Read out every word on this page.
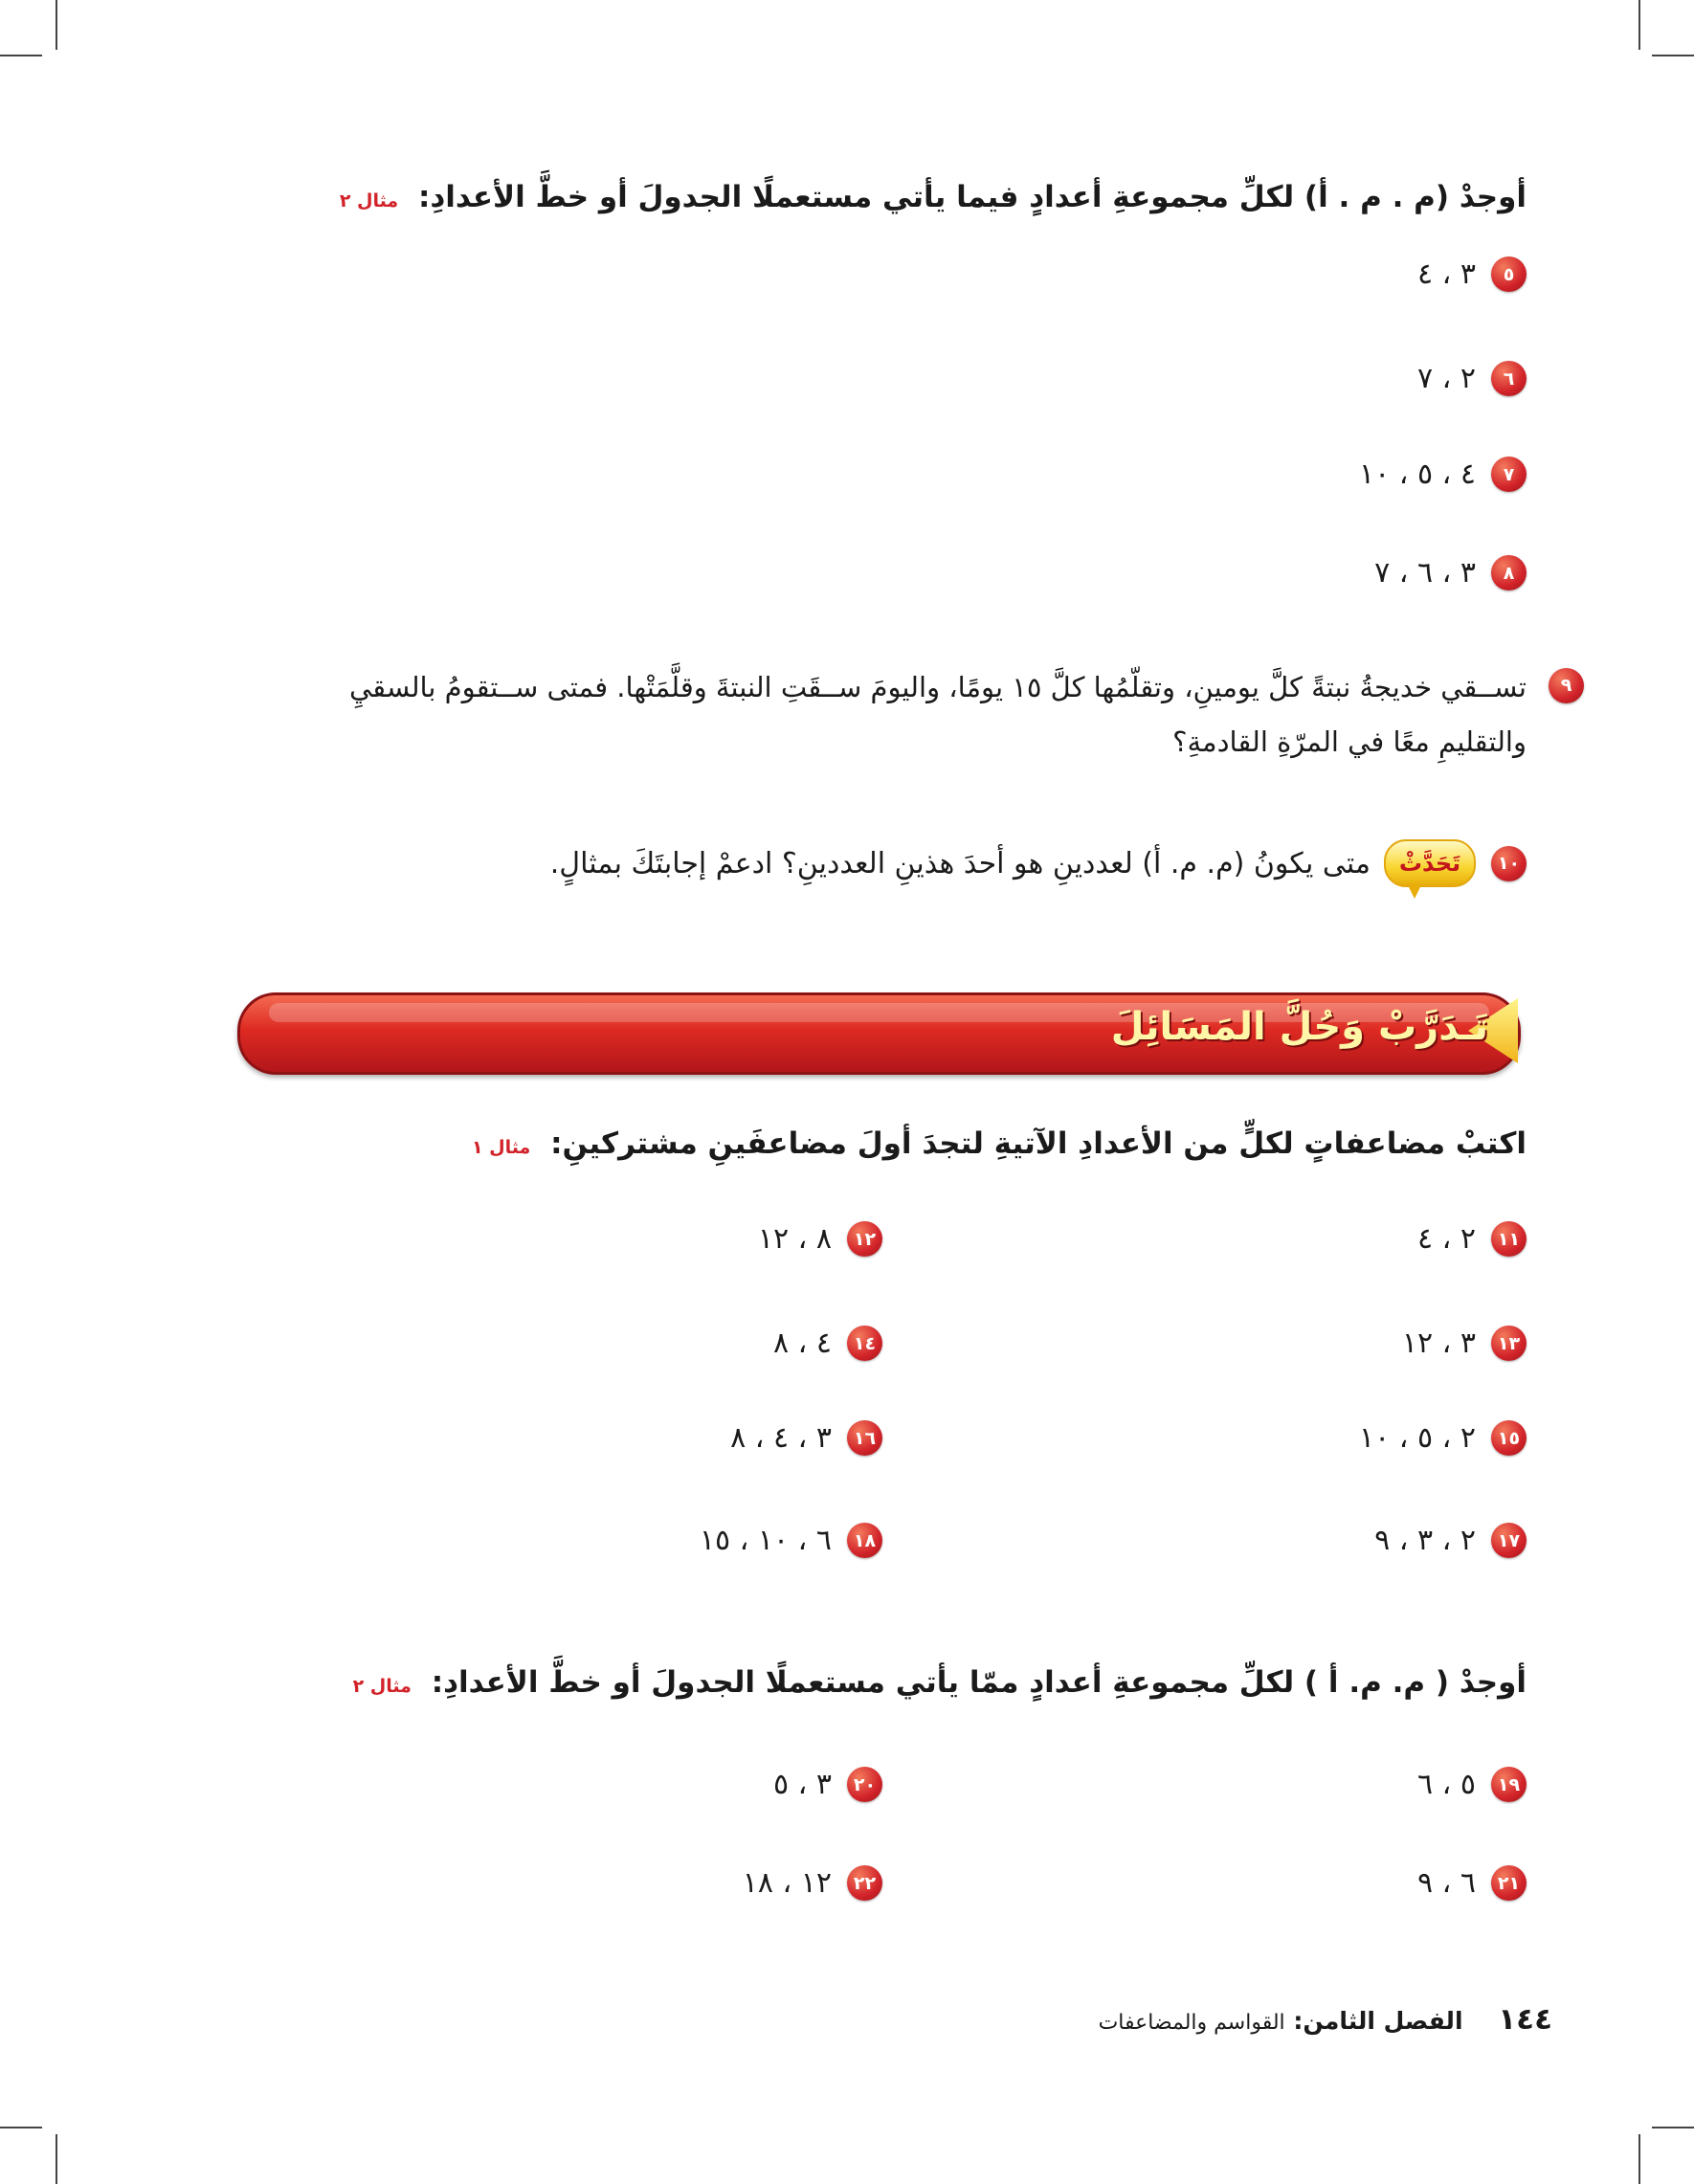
أوجدْ (م . م . أ) لكلِّ مجموعةِ أعدادٍ فيما يأتي مستعملًا الجدولَ أو خطَّ الأعدادِ: مثال ٢
٥
٣ ، ٤
٦
٢ ، ٧
٧
٤ ، ٥ ، ١٠
٨
٣ ، ٦ ، ٧
٩
تســقي خديجةُ نبتةً كلَّ يومينِ، وتقلّمُها كلَّ ١٥ يومًا، واليومَ ســقَتِ النبتةَ وقلَّمَتْها. فمتى ســتقومُ بالسقيِ
والتقليمِ معًا في المرّةِ القادمةِ؟
١٠
تَحَدَّثْ
متى يكونُ (م. م. أ) لعددينِ هو أحدَ هذينِ العددينِ؟ ادعمْ إجابتَكَ بمثالٍ.
تَـدَرَّبْ وَحُلَّ المَسَائِلَ
اكتبْ مضاعفاتٍ لكلٍّ من الأعدادِ الآتيةِ لتجدَ أولَ مضاعفَينِ مشتركينِ: مثال ١
١١
٢ ، ٤
١٢
٨ ، ١٢
١٣
٣ ، ١٢
١٤
٤ ، ٨
١٥
٢ ، ٥ ، ١٠
١٦
٣ ، ٤ ، ٨
١٧
٢ ، ٣ ، ٩
١٨
٦ ، ١٠ ، ١٥
أوجدْ ( م. م. أ ) لكلِّ مجموعةِ أعدادٍ ممّا يأتي مستعملًا الجدولَ أو خطَّ الأعدادِ: مثال ٢
١٩
٥ ، ٦
٢٠
٣ ، ٥
٢١
٦ ، ٩
٢٢
١٢ ، ١٨
١٤٤ الفصل الثامن: القواسم والمضاعفات
